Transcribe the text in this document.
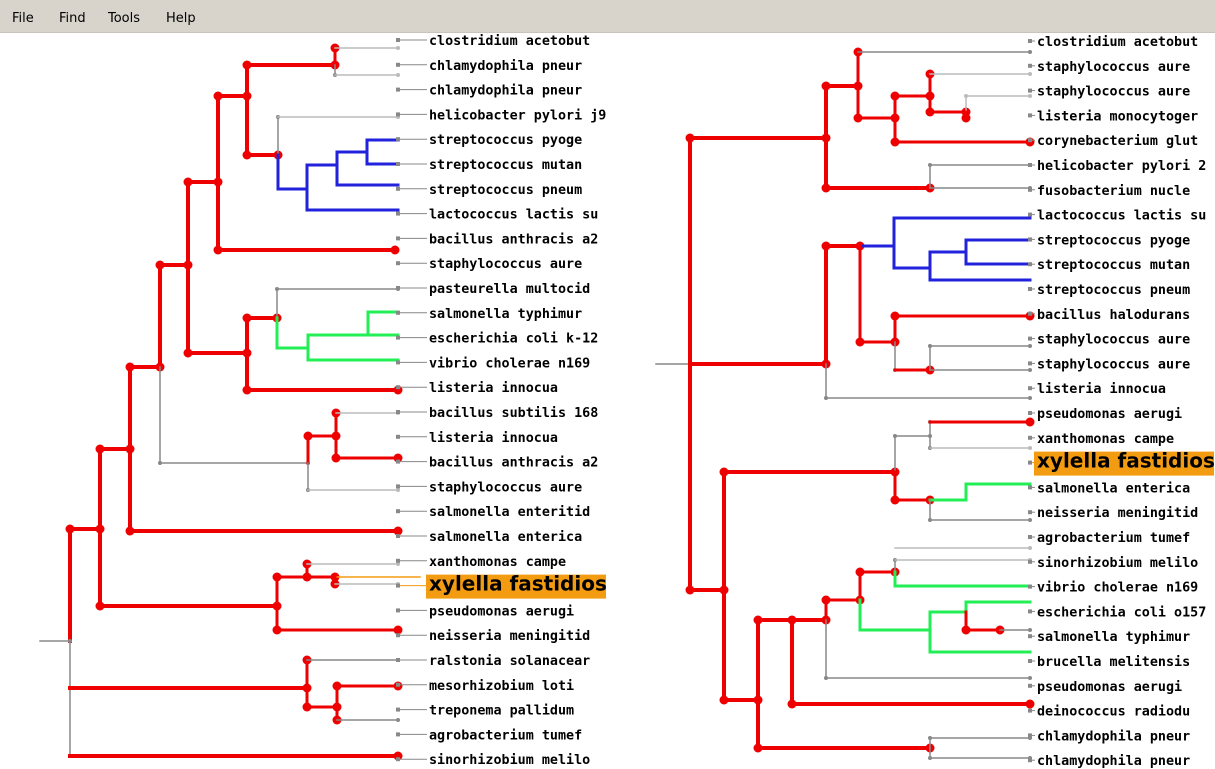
File Find Tools Help
clostridium acetobut
chlamydophila pneur
chlamydophila pneur
helicobacter pylori j9
streptococcus pyoge
streptococcus mutan
streptococcus pneum
lactococcus lactis su
bacillus anthracis a2
staphylococcus aure
pasteurella multocid
salmonella typhimur
escherichia coli k-12
vibrio cholerae n169
listeria innocua
bacillus subtilis 168
listeria innocua
bacillus anthracis a2
staphylococcus aure
salmonella enteritid
salmonella enterica
xanthomonas campe
xylella fastidios
pseudomonas aerugi
neisseria meningitid
ralstonia solanacear
mesorhizobium loti
treponema pallidum
agrobacterium tumef
sinorhizobium melilo
clostridium acetobut
staphylococcus aure
staphylococcus aure
listeria monocytoger
corynebacterium glut
helicobacter pylori 2
fusobacterium nucle
lactococcus lactis su
streptococcus pyoge
streptococcus mutan
streptococcus pneum
bacillus halodurans
staphylococcus aure
staphylococcus aure
listeria innocua
pseudomonas aerugi
xanthomonas campe
xylella fastidios
salmonella enterica
neisseria meningitid
agrobacterium tumef
sinorhizobium melilo
vibrio cholerae n169
escherichia coli o157
salmonella typhimur
brucella melitensis
pseudomonas aerugi
deinococcus radiodu
chlamydophila pneur
chlamydophila pneur
